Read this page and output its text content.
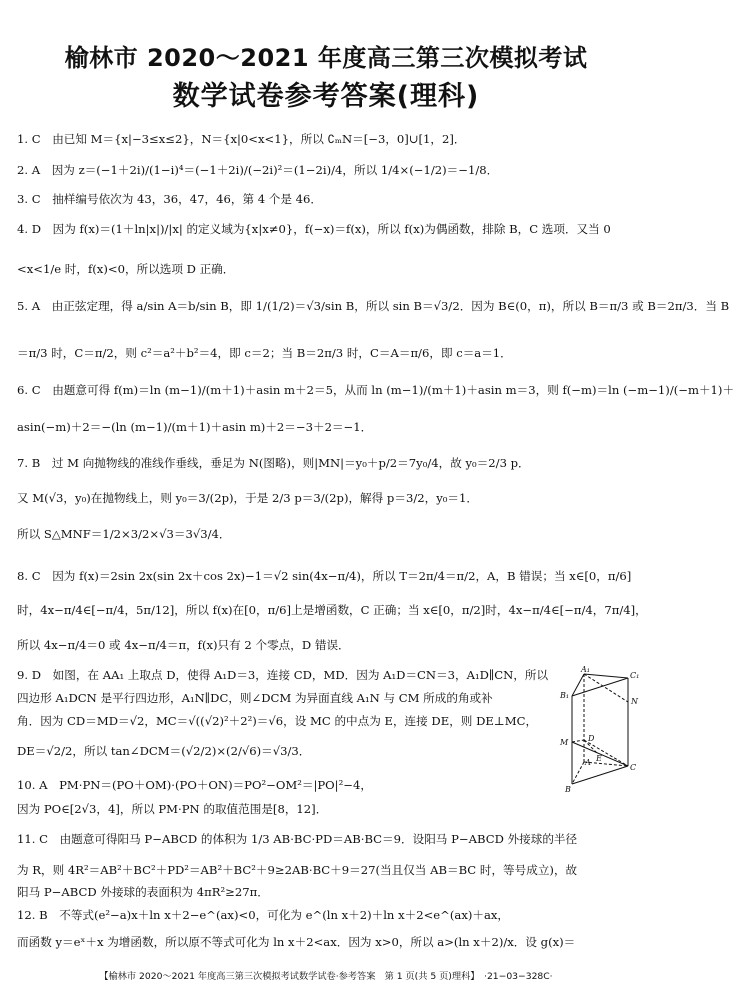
榆林市 2020～2021 年度高三第三次模拟考试
数学试卷参考答案(理科)
1. C　由已知 M＝{x|−3≤x≤2}，N＝{x|0<x<1}，所以 ∁ₘN＝[−3，0]∪[1，2]．
2. A　因为 z＝(−1＋2i)/(1−i)⁴＝(−1＋2i)/(−2i)²＝(1−2i)/4，所以 1/4×(−1/2)＝−1/8．
3. C　抽样编号依次为 43，36，47，46，第 4 个是 46．
4. D　因为 f(x)＝(1＋ln|x|)/|x| 的定义域为{x|x≠0}，f(−x)＝f(x)，所以 f(x)为偶函数，排除 B，C 选项．又当 0
<x<1/e 时，f(x)<0，所以选项 D 正确．
5. A　由正弦定理，得 a/sin A＝b/sin B，即 1/(1/2)＝√3/sin B，所以 sin B＝√3/2．因为 B∈(0，π)，所以 B＝π/3 或 B＝2π/3．当 B
＝π/3 时，C＝π/2，则 c²＝a²＋b²＝4，即 c＝2；当 B＝2π/3 时，C＝A＝π/6，即 c＝a＝1．
6. C　由题意可得 f(m)＝ln (m−1)/(m＋1)＋asin m＋2＝5，从而 ln (m−1)/(m＋1)＋asin m＝3，则 f(−m)＝ln (−m−1)/(−m＋1)＋
asin(−m)＋2＝−(ln (m−1)/(m＋1)＋asin m)＋2＝−3＋2＝−1．
7. B　过 M 向抛物线的准线作垂线，垂足为 N(图略)，则|MN|＝y₀＋p/2＝7y₀/4，故 y₀＝2/3 p．
又 M(√3，y₀)在抛物线上，则 y₀＝3/(2p)，于是 2/3 p＝3/(2p)，解得 p＝3/2，y₀＝1．
所以 S△MNF＝1/2×3/2×√3＝3√3/4．
8. C　因为 f(x)＝2sin 2x(sin 2x＋cos 2x)−1＝√2 sin(4x−π/4)，所以 T＝2π/4＝π/2，A，B 错误；当 x∈[0，π/6]
时，4x−π/4∈[−π/4，5π/12]，所以 f(x)在[0，π/6]上是增函数，C 正确；当 x∈[0，π/2]时，4x−π/4∈[−π/4，7π/4]，
所以 4x−π/4＝0 或 4x−π/4＝π，f(x)只有 2 个零点，D 错误．
9. D　如图，在 AA₁ 上取点 D，使得 A₁D＝3，连接 CD，MD．因为 A₁D＝CN＝3，A₁D∥CN，所以
四边形 A₁DCN 是平行四边形，A₁N∥DC，则∠DCM 为异面直线 A₁N 与 CM 所成的角或补
角．因为 CD＝MD＝√2，MC＝√((√2)²＋2²)＝√6，设 MC 的中点为 E，连接 DE，则 DE⊥MC，
DE＝√2/2，所以 tan∠DCM＝(√2/2)×(2/√6)＝√3/3．
10. A　PM·PN＝(PO＋OM)·(PO＋ON)＝PO²−OM²＝|PO|²−4，
因为 PO∈[2√3，4]，所以 PM·PN 的取值范围是[8，12]．
11. C　由题意可得阳马 P−ABCD 的体积为 1/3 AB·BC·PD＝AB·BC＝9．设阳马 P−ABCD 外接球的半径
为 R，则 4R²＝AB²＋BC²＋PD²＝AB²＋BC²＋9≥2AB·BC＋9＝27(当且仅当 AB＝BC 时，等号成立)，故
阳马 P−ABCD 外接球的表面积为 4πR²≥27π．
12. B　不等式(e²−a)x＋ln x＋2−e^(ax)<0，可化为 e^(ln x＋2)＋ln x＋2<e^(ax)＋ax，
而函数 y＝eˣ＋x 为增函数，所以原不等式可化为 ln x＋2<ax．因为 x>0，所以 a>(ln x＋2)/x．设 g(x)＝
A₁
C₁
B₁
N
M D
A E
C
B
【榆林市 2020～2021 年度高三第三次模拟考试数学试卷·参考答案　第 1 页(共 5 页)理科】　·21−03−328C·
